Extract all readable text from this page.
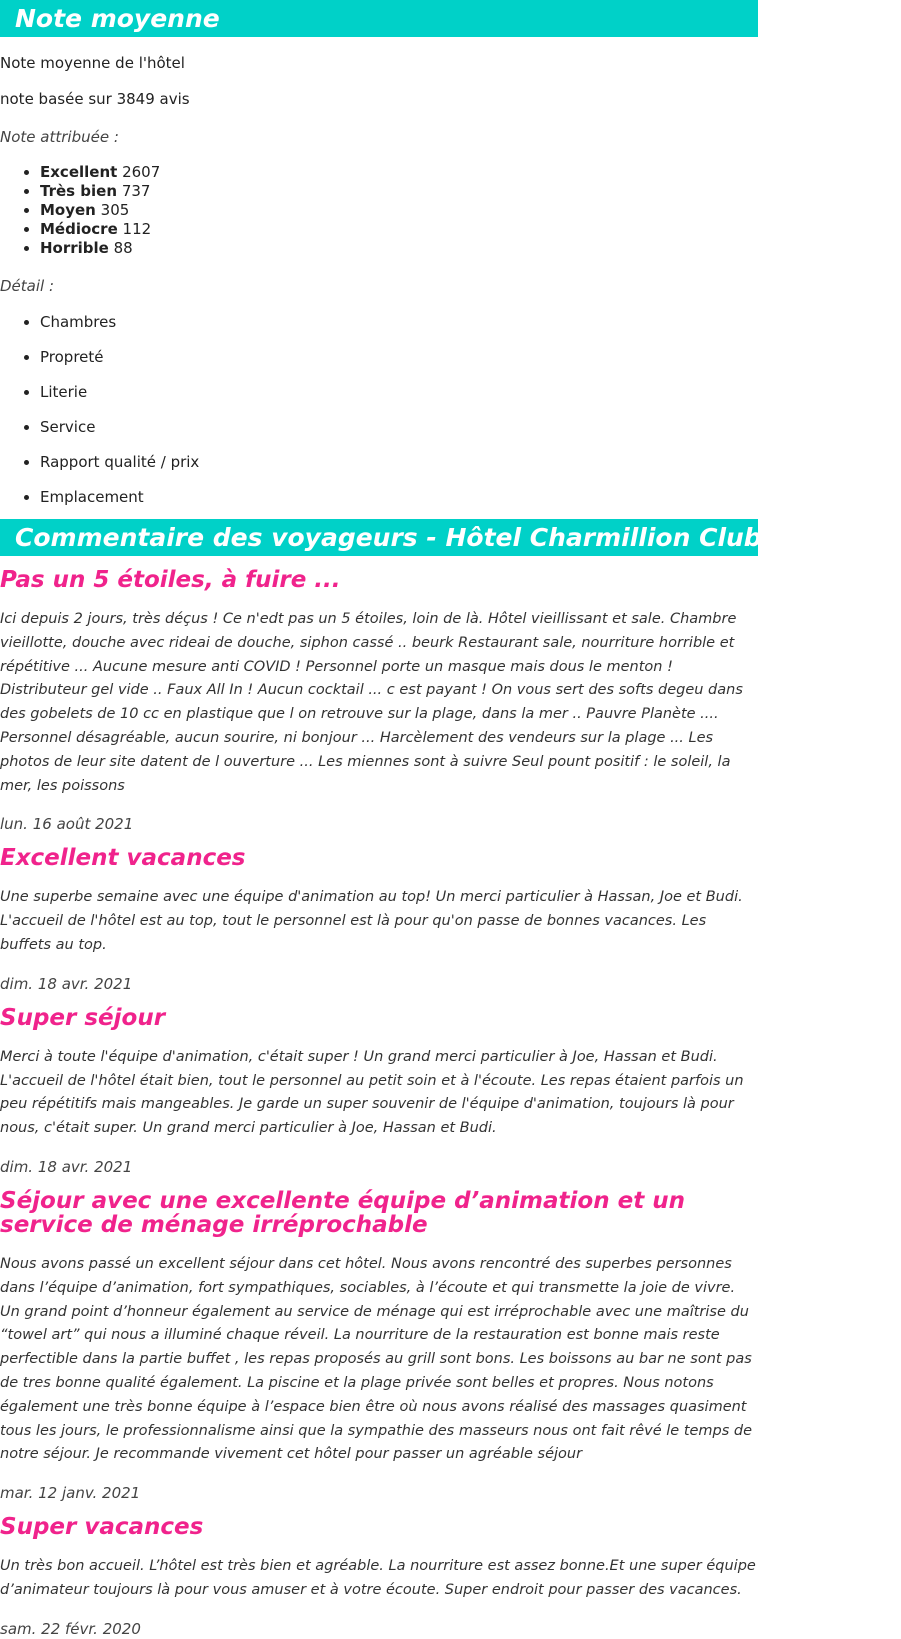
Note moyenne

Note moyenne de l'hôtel

note basée sur 3849 avis

Note attribuée :

• Excellent 2607
• Très bien 737
• Moyen 305
• Médiocre 112
• Horrible 88

Détail :

• Chambres
• Propreté
• Literie
• Service
• Rapport qualité / prix
• Emplacement
Commentaire des voyageurs - Hôtel Charmillion Club Resort 5*
Pas un 5 étoiles, à fuire ...

Ici depuis 2 jours, très déçus ! Ce n'edt pas un 5 étoiles, loin de là. Hôtel vieillissant et sale. Chambre vieillotte, douche avec rideai de douche, siphon cassé .. beurk Restaurant sale, nourriture horrible et répétitive ... Aucune mesure anti COVID ! Personnel porte un masque mais dous le menton ! Distributeur gel vide .. Faux All In ! Aucun cocktail ... c est payant ! On vous sert des softs degeu dans des gobelets de 10 cc en plastique que l on retrouve sur la plage, dans la mer .. Pauvre Planète .... Personnel désagréable, aucun sourire, ni bonjour ... Harcèlement des vendeurs sur la plage ... Les photos de leur site datent de l ouverture ... Les miennes sont à suivre Seul pount positif : le soleil, la mer, les poissons

lun. 16 août 2021

Excellent vacances

Une superbe semaine avec une équipe d'animation au top! Un merci particulier à Hassan, Joe et Budi. L'accueil de l'hôtel est au top, tout le personnel est là pour qu'on passe de bonnes vacances. Les buffets au top.

dim. 18 avr. 2021

Super séjour

Merci à toute l'équipe d'animation, c'était super ! Un grand merci particulier à Joe, Hassan et Budi. L'accueil de l'hôtel était bien, tout le personnel au petit soin et à l'écoute. Les repas étaient parfois un peu répétitifs mais mangeables. Je garde un super souvenir de l'équipe d'animation, toujours là pour nous, c'était super. Un grand merci particulier à Joe, Hassan et Budi.

dim. 18 avr. 2021

Séjour avec une excellente équipe d’animation et un service de ménage irréprochable

Nous avons passé un excellent séjour dans cet hôtel. Nous avons rencontré des superbes personnes dans l’équipe d’animation, fort sympathiques, sociables, à l’écoute et qui transmette la joie de vivre. Un grand point d’honneur également au service de ménage qui est irréprochable avec une maîtrise du “towel art” qui nous a illuminé chaque réveil. La nourriture de la restauration est bonne mais reste perfectible dans la partie buffet , les repas proposés au grill sont bons. Les boissons au bar ne sont pas de tres bonne qualité également. La piscine et la plage privée sont belles et propres. Nous notons également une très bonne équipe à l’espace bien être où nous avons réalisé des massages quasiment tous les jours, le professionnalisme ainsi que la sympathie des masseurs nous ont fait rêvé le temps de notre séjour. Je recommande vivement cet hôtel pour passer un agréable séjour

mar. 12 janv. 2021

Super vacances

Un très bon accueil. L’hôtel est très bien et agréable. La nourriture est assez bonne.Et une super équipe d’animateur toujours là pour vous amuser et à votre écoute. Super endroit pour passer des vacances.

sam. 22 févr. 2020
